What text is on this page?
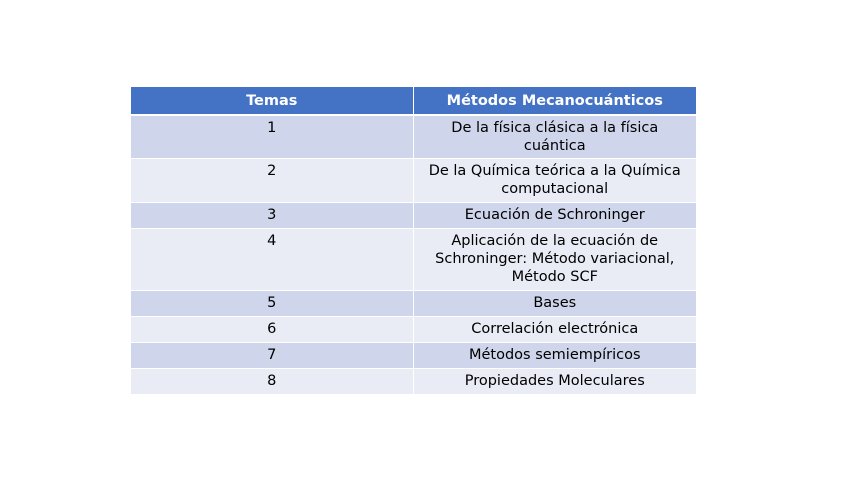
Temas	Métodos Mecanocuánticos
1	De la física clásica a la física cuántica
2	De la Química teórica a la Química computacional
3	Ecuación de Schroninger
4	Aplicación de la ecuación de Schroninger: Método variacional, Método SCF
5	Bases
6	Correlación electrónica
7	Métodos semiempíricos
8	Propiedades Moleculares
